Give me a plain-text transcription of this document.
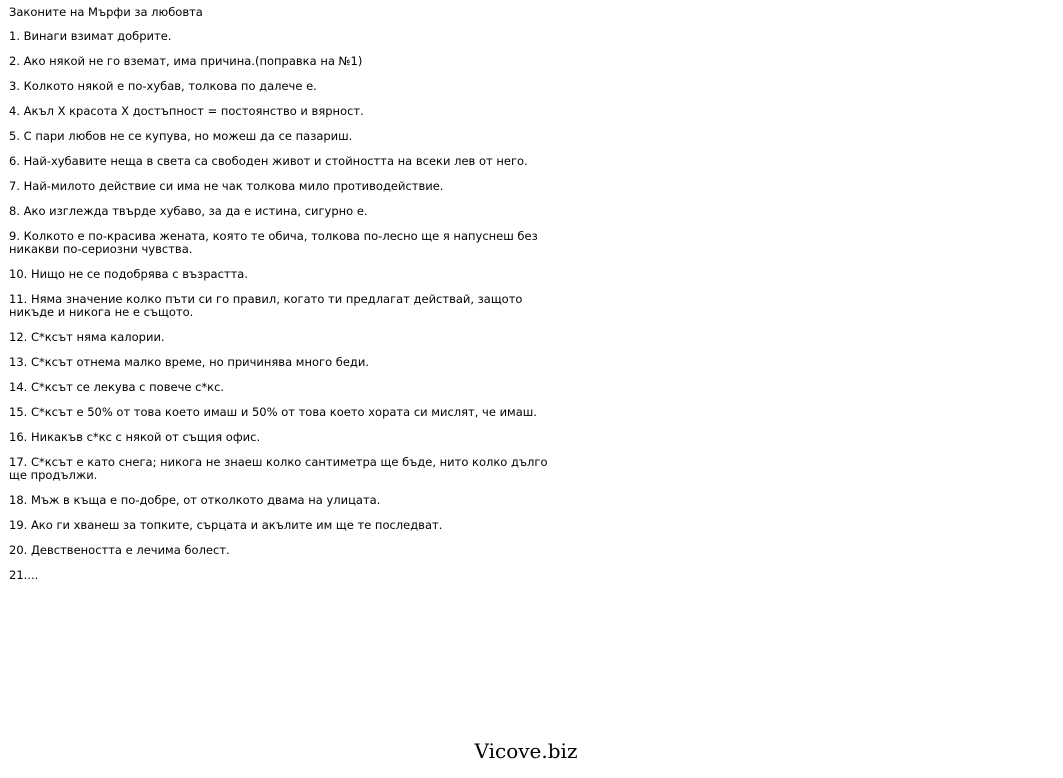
Законите на Мърфи за любовта
1. Винаги взимат добрите.
2. Ако някой не го вземат, има причина.(поправка на №1)
3. Колкото някой е по-хубав, толкова по далече е.
4. Акъл X красота X достъпност = постоянство и вярност.
5. С пари любов не се купува, но можеш да се пазариш.
6. Най-хубавите неща в света са свободен живот и стойността на всеки лев от него.
7. Най-милото действие си има не чак толкова мило противодействие.
8. Ако изглежда твърде хубаво, за да е истина, сигурно е.
9. Колкото е по-красива жената, която те обича, толкова по-лесно ще я напуснеш без никакви по-сериозни чувства.
10. Нищо не се подобрява с възрастта.
11. Няма значение колко пъти си го правил, когато ти предлагат действай, защото никъде и никога не е същото.
12. С*ксът няма калории.
13. С*ксът отнема малко време, но причинява много беди.
14. С*ксът се лекува с повече с*кс.
15. С*ксът е 50% от това което имаш и 50% от това което хората си мислят, че имаш.
16. Никакъв с*кс с някой от същия офис.
17. С*ксът е като снега; никога не знаеш колко сантиметра ще бъде, нито колко дълго ще продължи.
18. Мъж в къща е по-добре, от отколкото двама на улицата.
19. Ако ги хванеш за топките, сърцата и акълите им ще те последват.
20. Девствеността е лечима болест.
21....
Vicove.biz
